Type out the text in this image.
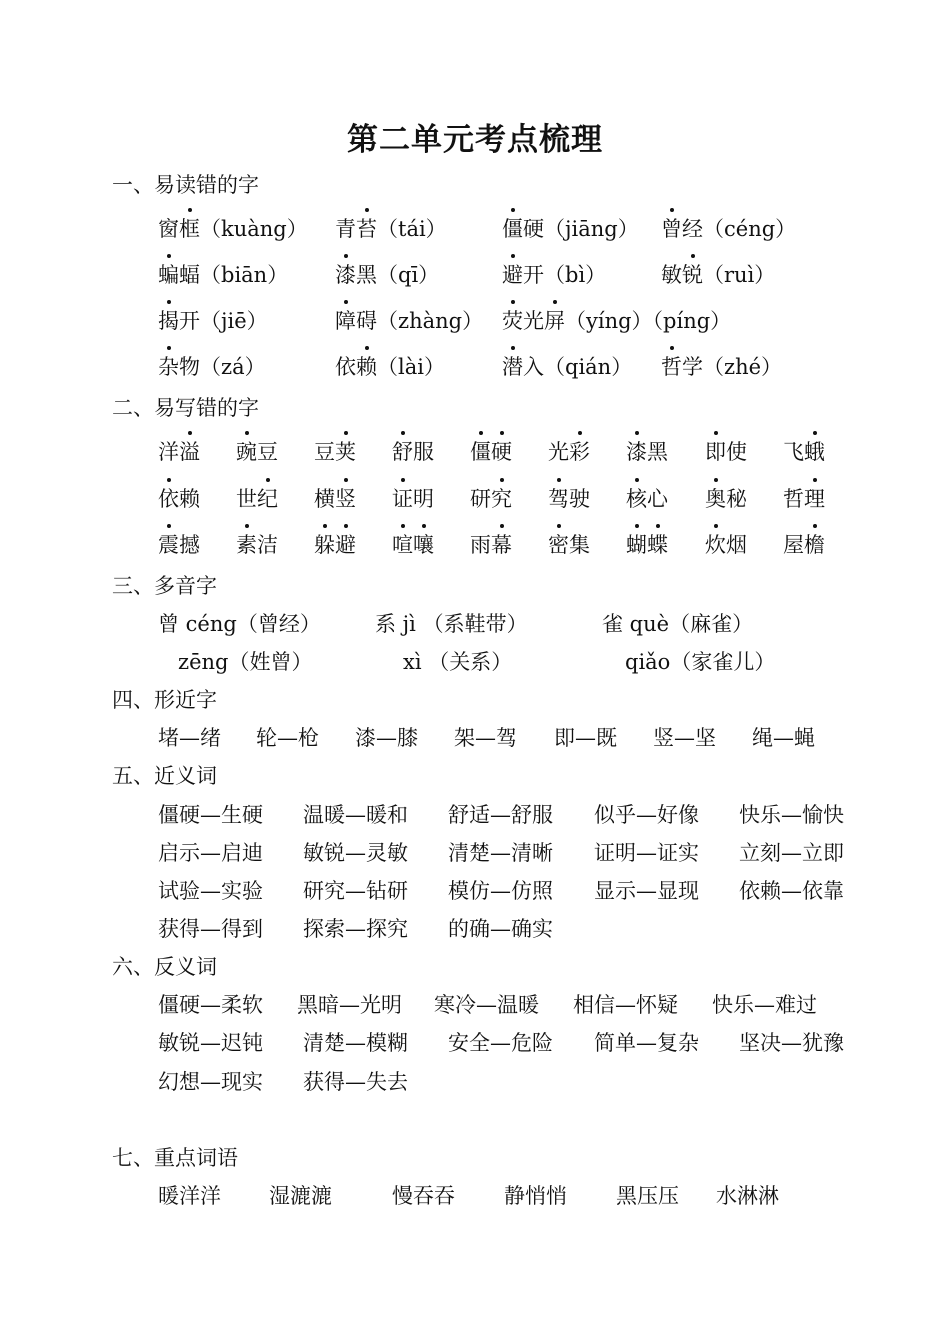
第二单元考点梳理
一、易读错的字
窗框（kuàng） 青苔（tái）	僵硬（jiāng） 曾经（céng）
蝙蝠（biān） 漆黑（qī）	避开（bì）	敏锐（ruì）
揭开（jiē）	障碍（zhàng） 荧光屏（yíng）（píng）
杂物（zá）	依赖（lài）	潜入（qián） 哲学（zhé）
二、易写错的字
洋溢 豌豆 豆荚 舒服 僵硬 光彩 漆黑 即使 飞蛾
依赖 世纪 横竖 证明 研究 驾驶 核心 奥秘 哲理
震撼 素洁 躲避 喧嚷 雨幕 密集 蝴蝶 炊烟 屋檐
三、多音字
曾 céng（曾经）	系 jì （系鞋带）	雀 què（麻雀）
zēng（姓曾）	xì （关系）	qiǎo（家雀儿）
四、形近字
堵—绪 轮—枪 漆—膝 架—驾 即—既 竖—坚 绳—蝇
五、近义词
僵硬—生硬 温暖—暖和 舒适—舒服 似乎—好像 快乐—愉快
启示—启迪 敏锐—灵敏 清楚—清晰 证明—证实 立刻—立即
试验—实验 研究—钻研 模仿—仿照 显示—显现 依赖—依靠
获得—得到 探索—探究 的确—确实
六、反义词
僵硬—柔软 黑暗—光明 寒冷—温暖 相信—怀疑 快乐—难过
敏锐—迟钝 清楚—模糊 安全—危险 简单—复杂 坚决—犹豫
幻想—现实 获得—失去
七、重点词语
暖洋洋 湿漉漉	慢吞吞 静悄悄 黑压压 水淋淋
